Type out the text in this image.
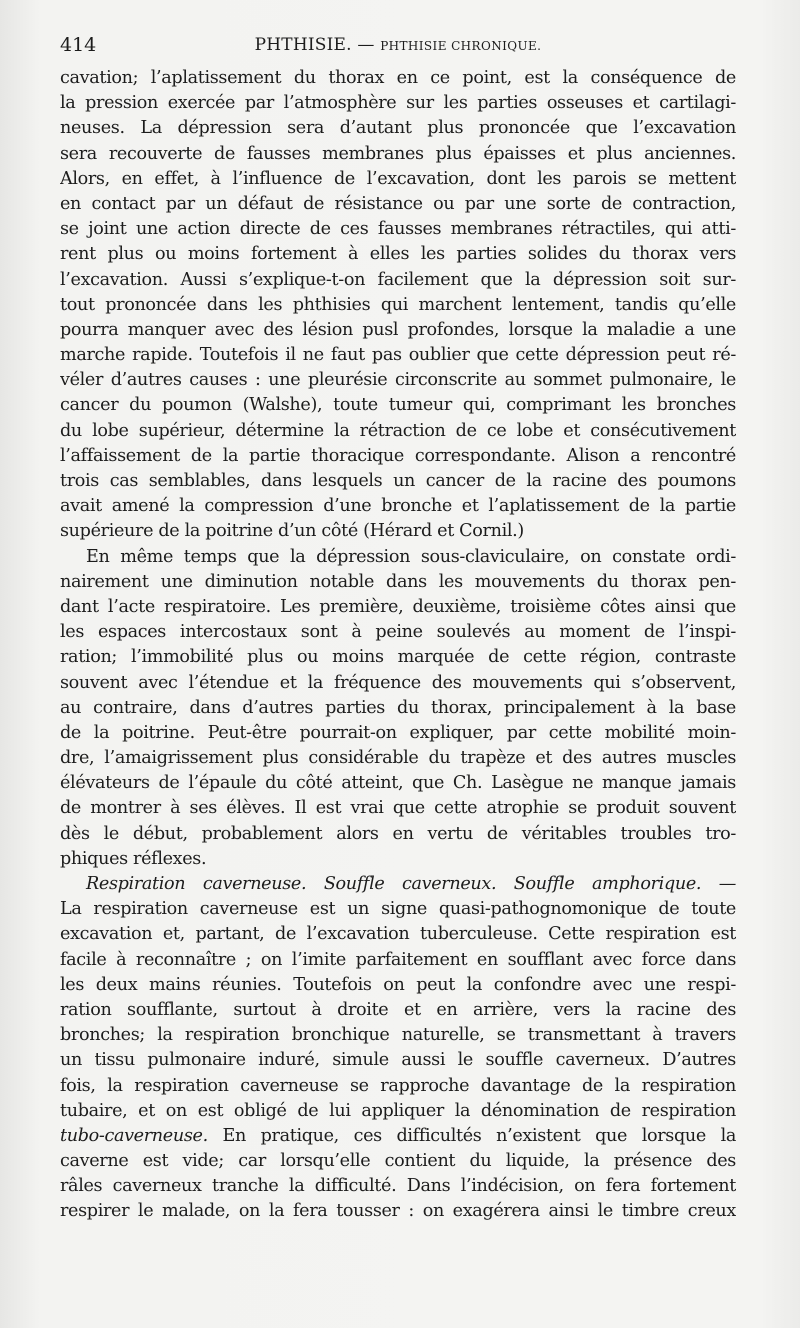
414	PHTHISIE. — PHTHISIE CHRONIQUE.
cavation; l’aplatissement du thorax en ce point, est la conséquence de
la pression exercée par l’atmosphère sur les parties osseuses et cartilagi-
neuses. La dépression sera d’autant plus prononcée que l’excavation
sera recouverte de fausses membranes plus épaisses et plus anciennes.
Alors, en effet, à l’influence de l’excavation, dont les parois se mettent
en contact par un défaut de résistance ou par une sorte de contraction,
se joint une action directe de ces fausses membranes rétractiles, qui atti-
rent plus ou moins fortement à elles les parties solides du thorax vers
l’excavation. Aussi s’explique-t-on facilement que la dépression soit sur-
tout prononcée dans les phthisies qui marchent lentement, tandis qu’elle
pourra manquer avec des lésion pusl profondes, lorsque la maladie a une
marche rapide. Toutefois il ne faut pas oublier que cette dépression peut ré-
véler d’autres causes : une pleurésie circonscrite au sommet pulmonaire, le
cancer du poumon (Walshe), toute tumeur qui, comprimant les bronches
du lobe supérieur, détermine la rétraction de ce lobe et consécutivement
l’affaissement de la partie thoracique correspondante. Alison a rencontré
trois cas semblables, dans lesquels un cancer de la racine des poumons
avait amené la compression d’une bronche et l’aplatissement de la partie
supérieure de la poitrine d’un côté (Hérard et Cornil.)
En même temps que la dépression sous-claviculaire, on constate ordi-
nairement une diminution notable dans les mouvements du thorax pen-
dant l’acte respiratoire. Les première, deuxième, troisième côtes ainsi que
les espaces intercostaux sont à peine soulevés au moment de l’inspi-
ration; l’immobilité plus ou moins marquée de cette région, contraste
souvent avec l’étendue et la fréquence des mouvements qui s’observent,
au contraire, dans d’autres parties du thorax, principalement à la base
de la poitrine. Peut-être pourrait-on expliquer, par cette mobilité moin-
dre, l’amaigrissement plus considérable du trapèze et des autres muscles
élévateurs de l’épaule du côté atteint, que Ch. Lasègue ne manque jamais
de montrer à ses élèves. Il est vrai que cette atrophie se produit souvent
dès le début, probablement alors en vertu de véritables troubles tro-
phiques réflexes.
Respiration caverneuse. Souffle caverneux. Souffle amphorique. —
La respiration caverneuse est un signe quasi-pathognomonique de toute
excavation et, partant, de l’excavation tuberculeuse. Cette respiration est
facile à reconnaître ; on l’imite parfaitement en soufflant avec force dans
les deux mains réunies. Toutefois on peut la confondre avec une respi-
ration soufflante, surtout à droite et en arrière, vers la racine des
bronches; la respiration bronchique naturelle, se transmettant à travers
un tissu pulmonaire induré, simule aussi le souffle caverneux. D’autres
fois, la respiration caverneuse se rapproche davantage de la respiration
tubaire, et on est obligé de lui appliquer la dénomination de respiration
tubo-caverneuse. En pratique, ces difficultés n’existent que lorsque la
caverne est vide; car lorsqu’elle contient du liquide, la présence des
râles caverneux tranche la difficulté. Dans l’indécision, on fera fortement
respirer le malade, on la fera tousser : on exagérera ainsi le timbre creux
